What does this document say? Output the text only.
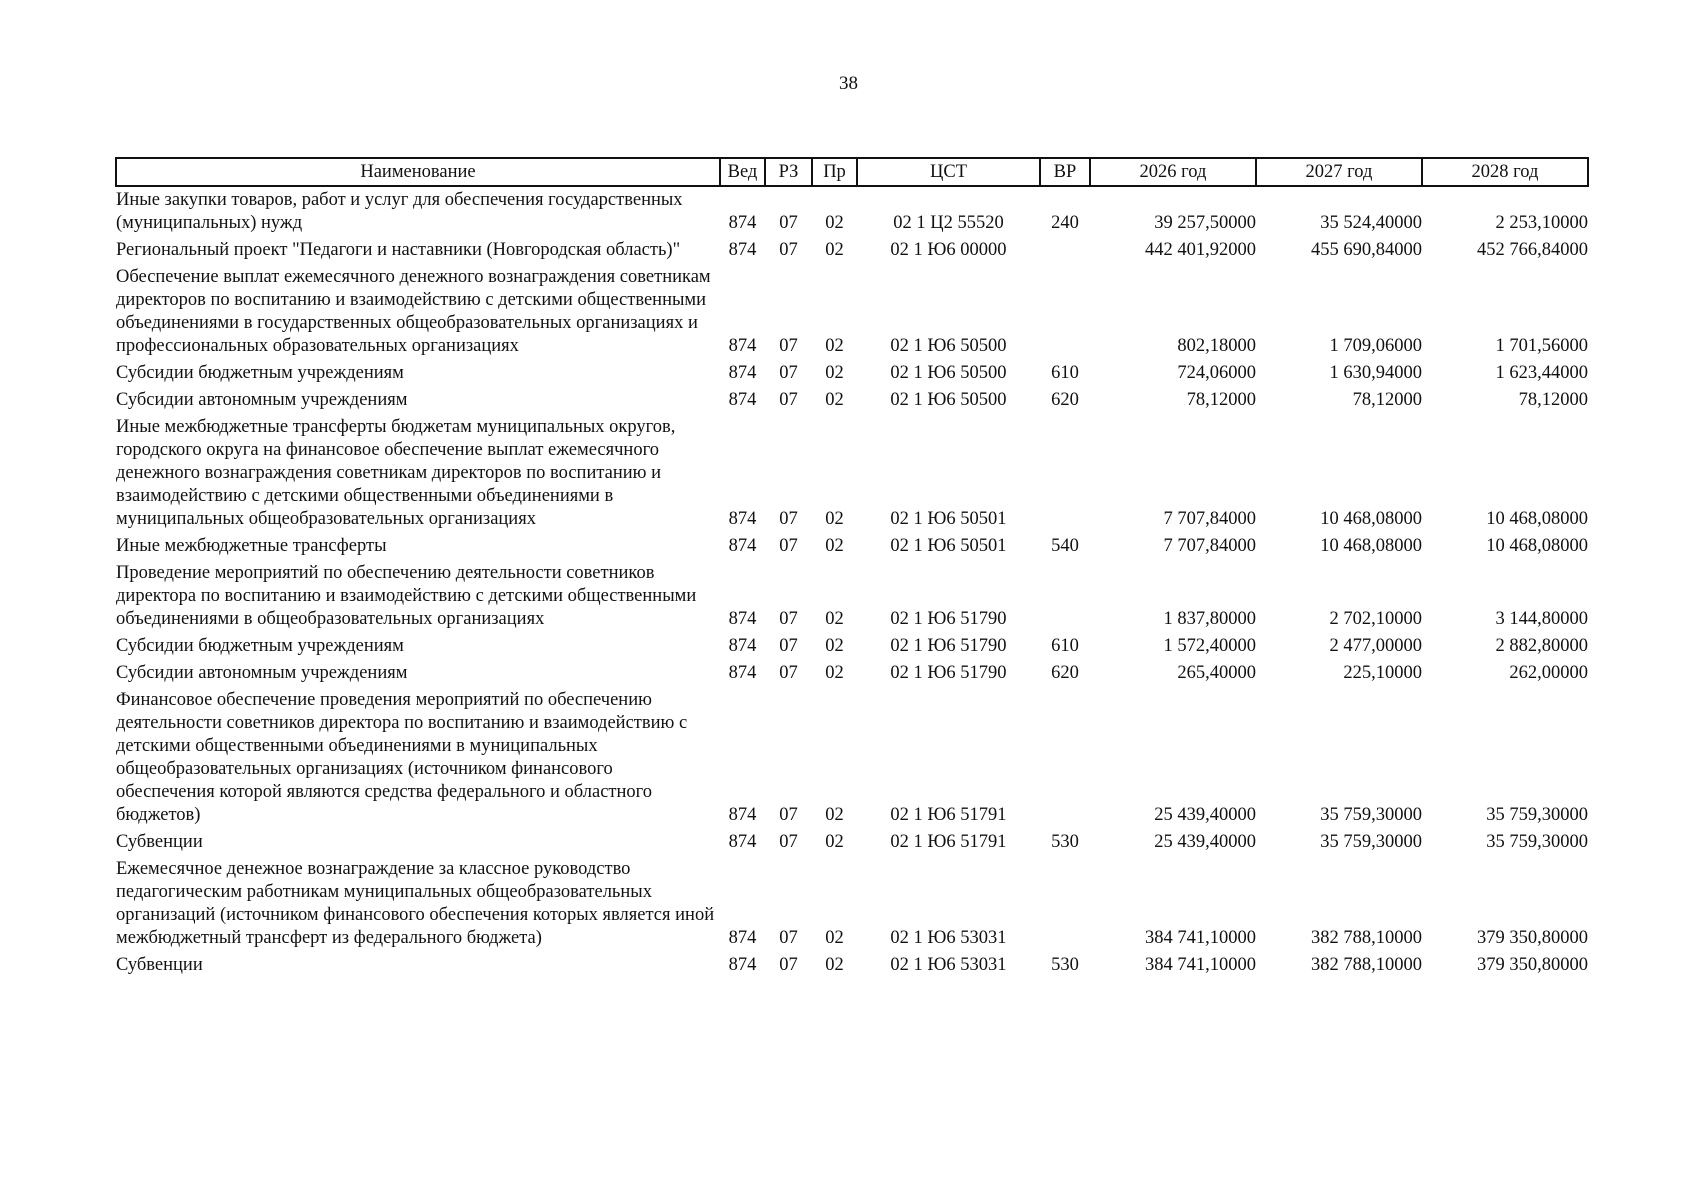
38
Наименование	Вед	РЗ	Пр	ЦСТ	ВР	2026 год	2027 год	2028 год
Иные закупки товаров, работ и услуг для обеспечения государственных (муниципальных) нужд	874	07	02	02 1 Ц2 55520	240	39 257,50000	35 524,40000	2 253,10000
Региональный проект "Педагоги и наставники (Новгородская область)"	874	07	02	02 1 Ю6 00000		442 401,92000	455 690,84000	452 766,84000
Обеспечение выплат ежемесячного денежного вознаграждения советникам директоров по воспитанию и взаимодействию с детскими общественными объединениями в государственных общеобразовательных организациях и профессиональных образовательных организациях	874	07	02	02 1 Ю6 50500		802,18000	1 709,06000	1 701,56000
Субсидии бюджетным учреждениям	874	07	02	02 1 Ю6 50500	610	724,06000	1 630,94000	1 623,44000
Субсидии автономным учреждениям	874	07	02	02 1 Ю6 50500	620	78,12000	78,12000	78,12000
Иные межбюджетные трансферты бюджетам муниципальных округов, городского округа на финансовое обеспечение выплат ежемесячного денежного вознаграждения советникам директоров по воспитанию и взаимодействию с детскими общественными объединениями в муниципальных общеобразовательных организациях	874	07	02	02 1 Ю6 50501		7 707,84000	10 468,08000	10 468,08000
Иные межбюджетные трансферты	874	07	02	02 1 Ю6 50501	540	7 707,84000	10 468,08000	10 468,08000
Проведение мероприятий по обеспечению деятельности советников директора по воспитанию и взаимодействию с детскими общественными объединениями в общеобразовательных организациях	874	07	02	02 1 Ю6 51790		1 837,80000	2 702,10000	3 144,80000
Субсидии бюджетным учреждениям	874	07	02	02 1 Ю6 51790	610	1 572,40000	2 477,00000	2 882,80000
Субсидии автономным учреждениям	874	07	02	02 1 Ю6 51790	620	265,40000	225,10000	262,00000
Финансовое обеспечение проведения мероприятий по обеспечению деятельности советников директора по воспитанию и взаимодействию с детскими общественными объединениями в муниципальных общеобразовательных организациях (источником финансового обеспечения которой являются средства федерального и областного бюджетов)	874	07	02	02 1 Ю6 51791		25 439,40000	35 759,30000	35 759,30000
Субвенции	874	07	02	02 1 Ю6 51791	530	25 439,40000	35 759,30000	35 759,30000
Ежемесячное денежное вознаграждение за классное руководство педагогическим работникам муниципальных общеобразовательных организаций (источником финансового обеспечения которых является иной межбюджетный трансферт из федерального бюджета)	874	07	02	02 1 Ю6 53031		384 741,10000	382 788,10000	379 350,80000
Субвенции	874	07	02	02 1 Ю6 53031	530	384 741,10000	382 788,10000	379 350,80000
